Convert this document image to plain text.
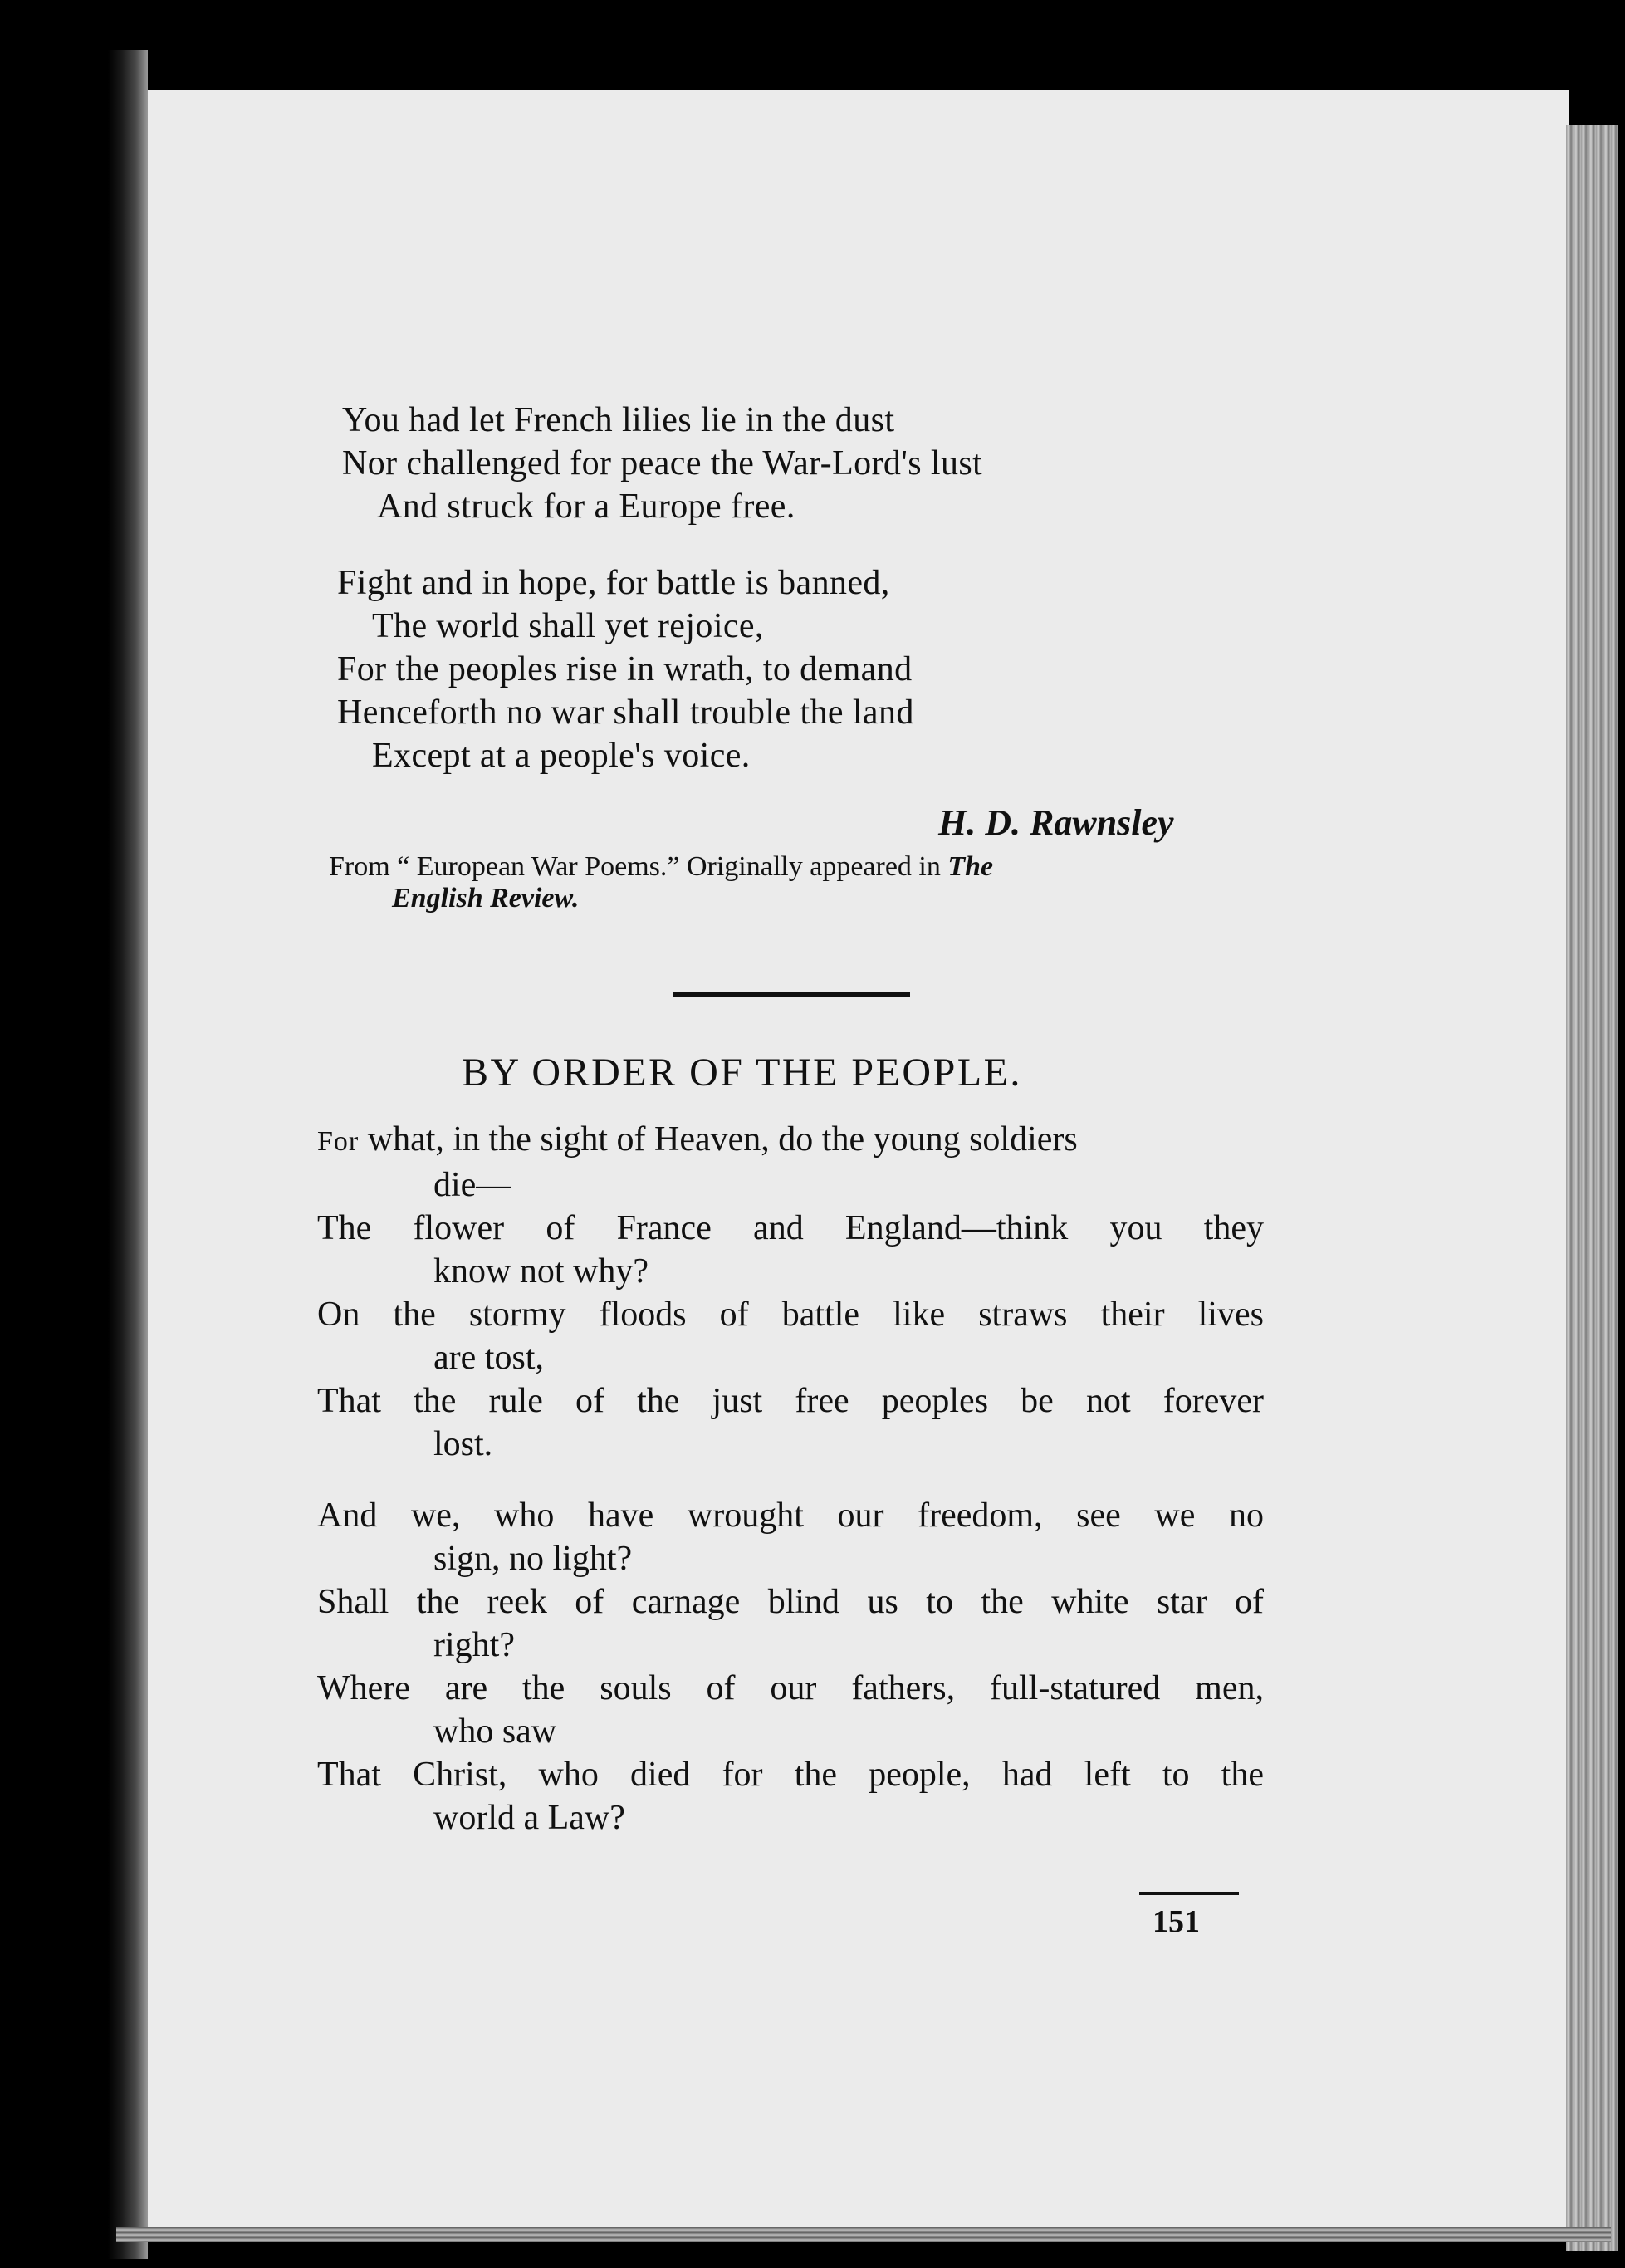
You had let French lilies lie in the dust
Nor challenged for peace the War-Lord's lust
And struck for a Europe free.
Fight and in hope, for battle is banned,
The world shall yet rejoice,
For the peoples rise in wrath, to demand
Henceforth no war shall trouble the land
Except at a people's voice.
H. D. Rawnsley
From “ European War Poems.” Originally appeared in The
English Review.
BY ORDER OF THE PEOPLE.
For what, in the sight of Heaven, do the young soldiers
die—
The flower of France and England—think you they
know not why?
On the stormy floods of battle like straws their lives
are tost,
That the rule of the just free peoples be not forever
lost.
And we, who have wrought our freedom, see we no
sign, no light?
Shall the reek of carnage blind us to the white star of
right?
Where are the souls of our fathers, full-statured men,
who saw
That Christ, who died for the people, had left to the
world a Law?
151
